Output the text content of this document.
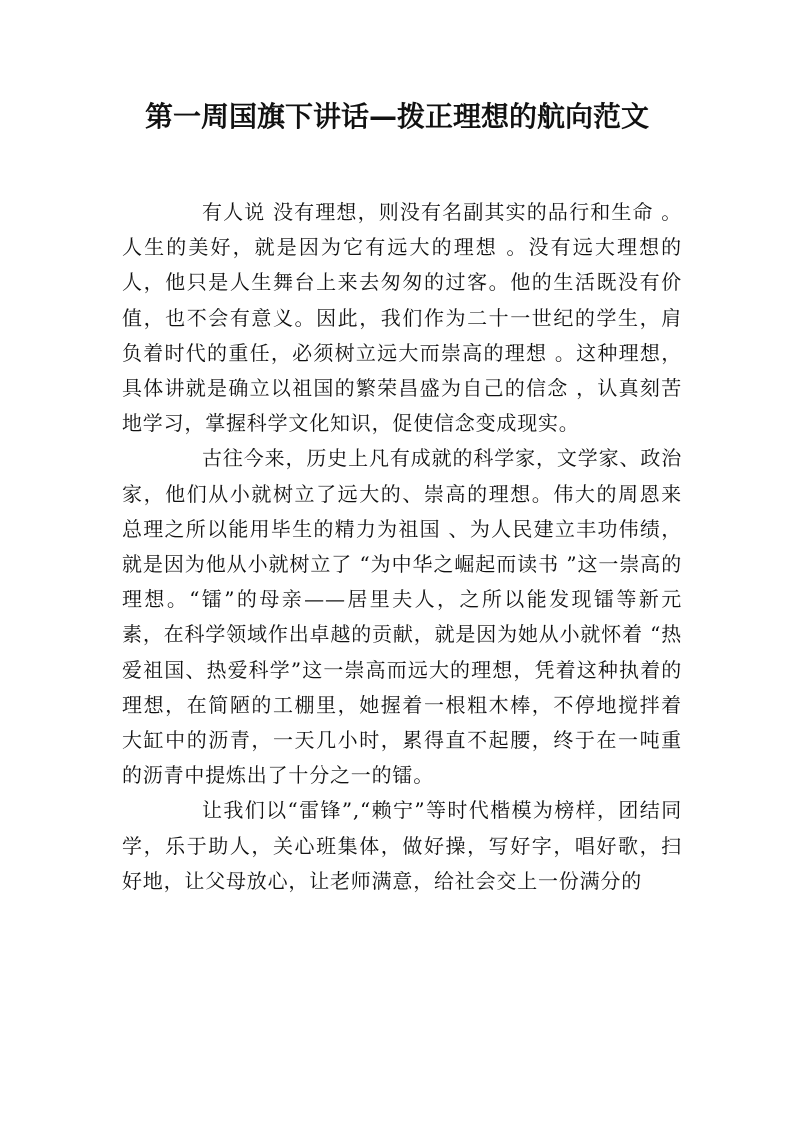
第一周国旗下讲话—拨正理想的航向范文

有人说 没有理想，则没有名副其实的品行和生命 。人生的美好，就是因为它有远大的理想 。没有远大理想的人，他只是人生舞台上来去匆匆的过客。他的生活既没有价值，也不会有意义。因此，我们作为二十一世纪的学生，肩负着时代的重任，必须树立远大而崇高的理想 。这种理想，具体讲就是确立以祖国的繁荣昌盛为自己的信念 ，认真刻苦地学习，掌握科学文化知识，促使信念变成现实。

古往今来，历史上凡有成就的科学家，文学家、政治家，他们从小就树立了远大的、崇高的理想。伟大的周恩来总理之所以能用毕生的精力为祖国 、为人民建立丰功伟绩，就是因为他从小就树立了 “为中华之崛起而读书 ”这一崇高的理想。“镭”的母亲——居里夫人，之所以能发现镭等新元素，在科学领域作出卓越的贡献，就是因为她从小就怀着 “热爱祖国、热爱科学”这一崇高而远大的理想，凭着这种执着的理想，在简陋的工棚里，她握着一根粗木棒，不停地搅拌着大缸中的沥青，一天几小时，累得直不起腰，终于在一吨重的沥青中提炼出了十分之一的镭。

让我们以“雷锋”,“赖宁”等时代楷模为榜样，团结同学，乐于助人，关心班集体，做好操，写好字，唱好歌，扫好地，让父母放心，让老师满意，给社会交上一份满分的
